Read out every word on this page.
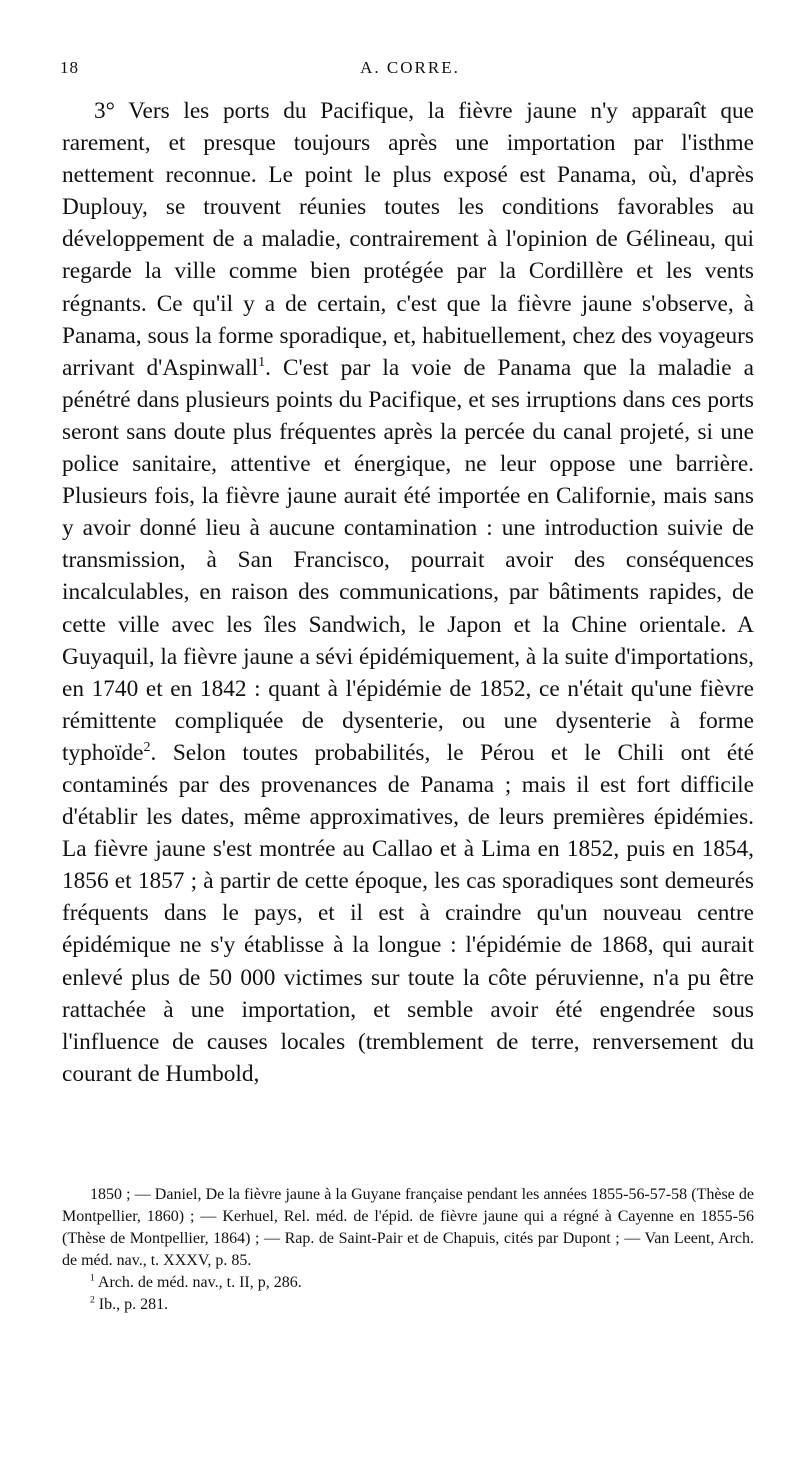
18	A. CORRE.

3° Vers les ports du Pacifique, la fièvre jaune n'y apparaît que rarement, et presque toujours après une importation par l'isthme nettement reconnue. Le point le plus exposé est Panama, où, d'après Duplouy, se trouvent réunies toutes les conditions favorables au développement de a maladie, contrairement à l'opinion de Gélineau, qui regarde la ville comme bien protégée par la Cordillère et les vents régnants. Ce qu'il y a de certain, c'est que la fièvre jaune s'observe, à Panama, sous la forme sporadique, et, habituellement, chez des voyageurs arrivant d'Aspinwall$^1$. C'est par la voie de Panama que la maladie a pénétré dans plusieurs points du Pacifique, et ses irruptions dans ces ports seront sans doute plus fréquentes après la percée du canal projeté, si une police sanitaire, attentive et énergique, ne leur oppose une barrière. Plusieurs fois, la fièvre jaune aurait été importée en Californie, mais sans y avoir donné lieu à aucune contamination : une introduction suivie de transmission, à San Francisco, pourrait avoir des conséquences incalculables, en raison des communications, par bâtiments rapides, de cette ville avec les îles Sandwich, le Japon et la Chine orientale. A Guyaquil, la fièvre jaune a sévi épidémiquement, à la suite d'importations, en 1740 et en 1842 : quant à l'épidémie de 1852, ce n'était qu'une fièvre rémittente compliquée de dysenterie, ou une dysenterie à forme typhoïde$^2$. Selon toutes probabilités, le Pérou et le Chili ont été contaminés par des provenances de Panama ; mais il est fort difficile d'établir les dates, même approximatives, de leurs premières épidémies. La fièvre jaune s'est montrée au Callao et à Lima en 1852, puis en 1854, 1856 et 1857 ; à partir de cette époque, les cas sporadiques sont demeurés fréquents dans le pays, et il est à craindre qu'un nouveau centre épidémique ne s'y établisse à la longue : l'épidémie de 1868, qui aurait enlevé plus de 50 000 victimes sur toute la côte péruvienne, n'a pu être rattachée à une importation, et semble avoir été engendrée sous l'influence de causes locales (tremblement de terre, renversement du courant de Humbold,

1850 ; — Daniel, De la fièvre jaune à la Guyane française pendant les années 1855-56-57-58 (Thèse de Montpellier, 1860) ; — Kerhuel, Rel. méd. de l'épid. de fièvre jaune qui a régné à Cayenne en 1855-56 (Thèse de Montpellier, 1864) ; — Rap. de Saint-Pair et de Chapuis, cités par Dupont ; — Van Leent, Arch. de méd. nav., t. XXXV, p. 85.

$^1$ Arch. de méd. nav., t. II, p, 286.

$^2$ Ib., p. 281.
